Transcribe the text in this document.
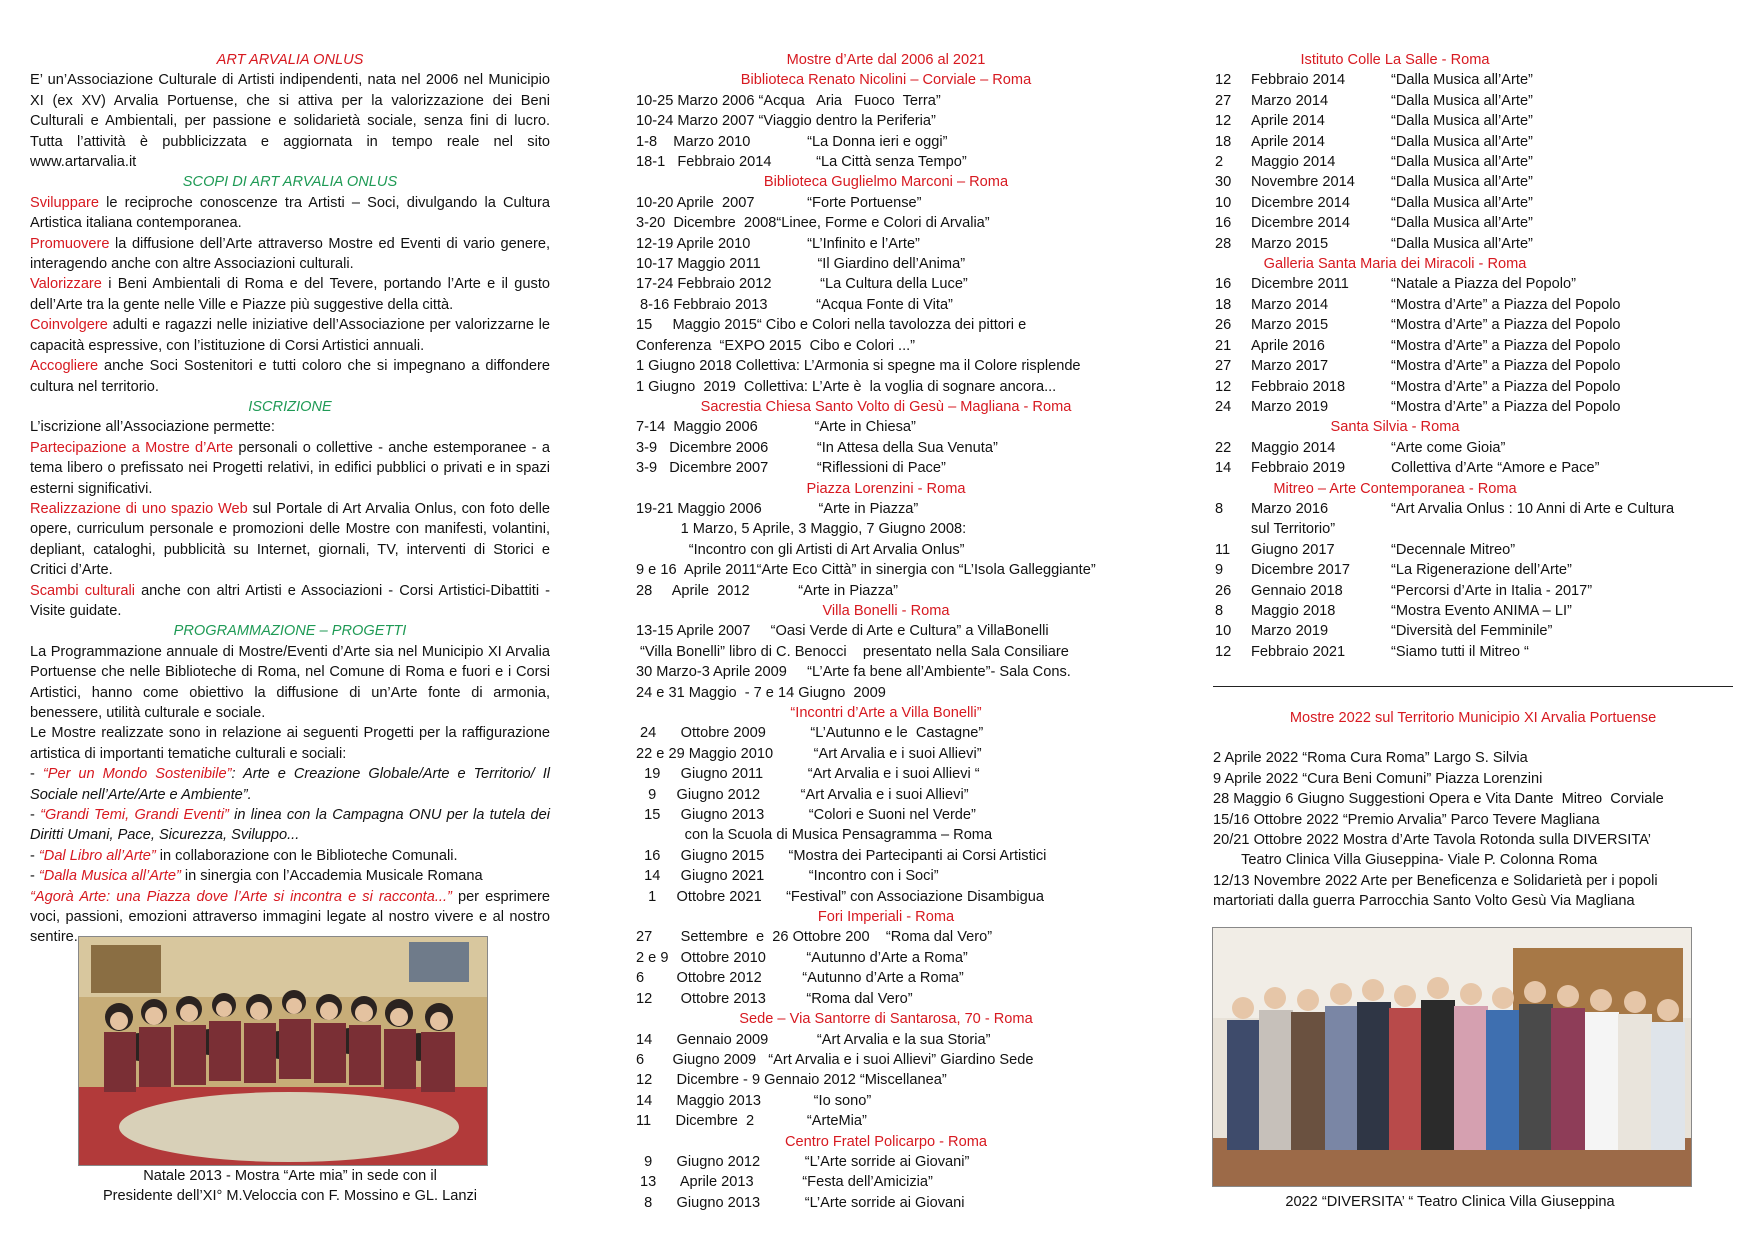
ART ARVALIA ONLUS

E’ un’Associazione Culturale di Artisti indipendenti, nata nel 2006 nel Municipio XI (ex XV) Arvalia Portuense, che si attiva per la valorizzazione dei Beni Culturali e Ambientali, per passione e solidarietà sociale, senza fini di lucro. Tutta l’attività è pubblicizzata e aggiornata in tempo reale nel sito www.artarvalia.it

SCOPI DI ART ARVALIA ONLUS

Sviluppare le reciproche conoscenze tra Artisti – Soci, divulgando la Cultura Artistica italiana contemporanea.

Promuovere la diffusione dell’Arte attraverso Mostre ed Eventi di vario genere, interagendo anche con altre Associazioni culturali.

Valorizzare i Beni Ambientali di Roma e del Tevere, portando l’Arte e il gusto dell’Arte tra la gente nelle Ville e Piazze più suggestive della città.

Coinvolgere adulti e ragazzi nelle iniziative dell’Associazione per valorizzarne le capacità espressive, con l’istituzione di Corsi Artistici annuali.

Accogliere anche Soci Sostenitori e tutti coloro che si impegnano a diffondere cultura nel territorio.

ISCRIZIONE

L’iscrizione all’Associazione permette:

Partecipazione a Mostre d’Arte personali o collettive - anche estemporanee - a tema libero o prefissato nei Progetti relativi, in edifici pubblici o privati e in spazi esterni significativi.

Realizzazione di uno spazio Web sul Portale di Art Arvalia Onlus, con foto delle opere, curriculum personale e promozioni delle Mostre con manifesti, volantini, depliant, cataloghi, pubblicità su Internet, giornali, TV, interventi di Storici e Critici d’Arte.

Scambi culturali anche con altri Artisti e Associazioni - Corsi Artistici-Dibattiti - Visite guidate.

PROGRAMMAZIONE – PROGETTI

La Programmazione annuale di Mostre/Eventi d’Arte sia nel Municipio XI Arvalia Portuense che nelle Biblioteche di Roma, nel Comune di Roma e fuori e i Corsi Artistici, hanno come obiettivo la diffusione di un’Arte fonte di armonia, benessere, utilità culturale e sociale.

Le Mostre realizzate sono in relazione ai seguenti Progetti per la raffigurazione artistica di importanti tematiche culturali e sociali:

- “Per un Mondo Sostenibile”: Arte e Creazione Globale/Arte e Territorio/ Il Sociale nell’Arte/Arte e Ambiente”.

- “Grandi Temi, Grandi Eventi” in linea con la Campagna ONU per la tutela dei Diritti Umani, Pace, Sicurezza, Sviluppo...

- “Dal Libro all’Arte” in collaborazione con le Biblioteche Comunali.

- “Dalla Musica all’Arte” in sinergia con l’Accademia Musicale Romana

“Agorà Arte: una Piazza dove l’Arte si incontra e si racconta...” per esprimere voci, passioni, emozioni attraverso immagini legate al nostro vivere e al nostro sentire.

FRANCO CANNONI
Natale 2013 - Mostra “Arte mia” in sede con il
Presidente dell’XI° M.Veloccia con F. Mossino e GL. Lanzi

Mostre d’Arte dal 2006 al 2021

Biblioteca Renato Nicolini – Corviale – Roma

10-25 Marzo 2006 “Acqua   Aria   Fuoco  Terra”
10-24 Marzo 2007 “Viaggio dentro la Periferia”
1-8 Marzo 2010              “La Donna ieri e oggi”
18-1 Febbraio 2014           “La Città senza Tempo”

Biblioteca Guglielmo Marconi – Roma

10-20 Aprile  2007             “Forte Portuense”
3-20 Dicembre  2008“Linee, Forme e Colori di Arvalia”
12-19 Aprile 2010              “L’Infinito e l’Arte”
10-17 Maggio 2011              “Il Giardino dell’Anima”
17-24 Febbraio 2012            “La Cultura della Luce”
8-16 Febbraio 2013            “Acqua Fonte di Vita”
15 Maggio 2015“ Cibo e Colori nella tavolozza dei pittori e
Conferenza  “EXPO 2015  Cibo e Colori ...”
1 Giugno 2018 Collettiva: L’Armonia si spegne ma il Colore risplende
1 Giugno  2019  Collettiva: L’Arte è  la voglia di sognare ancora...

Sacrestia Chiesa Santo Volto di Gesù – Magliana - Roma

7-14 Maggio 2006              “Arte in Chiesa”
3-9 Dicembre 2006            “In Attesa della Sua Venuta”
3-9 Dicembre 2007            “Riflessioni di Pace”

Piazza Lorenzini - Roma

19-21 Maggio 2006              “Arte in Piazza”
1 Marzo, 5 Aprile, 3 Maggio, 7 Giugno 2008:
“Incontro con gli Artisti di Art Arvalia Onlus”
9 e 16 Aprile 2011“Arte Eco Città” in sinergia con “L’Isola Galleggiante”
28 Aprile  2012            “Arte in Piazza”

Villa Bonelli - Roma

13-15 Aprile 2007     “Oasi Verde di Arte e Cultura” a VillaBonelli
“Villa Bonelli” libro di C. Benocci    presentato nella Sala Consiliare
30 Marzo-3 Aprile 2009     “L’Arte fa bene all’Ambiente”- Sala Cons.
24 e 31 Maggio  - 7 e 14 Giugno  2009

“Incontri d’Arte a Villa Bonelli”

24 Ottobre 2009           “L’Autunno e le  Castagne”
22 e 29 Maggio 2010          “Art Arvalia e i suoi Allievi”
19 Giugno 2011           “Art Arvalia e i suoi Allievi “
9 Giugno 2012          “Art Arvalia e i suoi Allievi”
15 Giugno 2013           “Colori e Suoni nel Verde”
con la Scuola di Musica Pensagramma – Roma
16 Giugno 2015      “Mostra dei Partecipanti ai Corsi Artistici
14 Giugno 2021           “Incontro con i Soci”
1 Ottobre 2021      “Festival” con Associazione Disambigua

Fori Imperiali - Roma

27 Settembre  e  26 Ottobre 200    “Roma dal Vero”
2 e 9 Ottobre 2010          “Autunno d’Arte a Roma”
6 Ottobre 2012          “Autunno d’Arte a Roma”
12 Ottobre 2013          “Roma dal Vero”

Sede – Via Santorre di Santarosa, 70 - Roma

14 Gennaio 2009            “Art Arvalia e la sua Storia”
6 Giugno 2009   “Art Arvalia e i suoi Allievi” Giardino Sede
12 Dicembre - 9 Gennaio 2012 “Miscellanea”
14 Maggio 2013             “Io sono”
11 Dicembre  2             “ArteMia”

Centro Fratel Policarpo - Roma

9 Giugno 2012           “L’Arte sorride ai Giovani”
13 Aprile 2013            “Festa dell’Amicizia”
8 Giugno 2013           “L’Arte sorride ai Giovani

Istituto Colle La Salle - Roma

12	Febbraio 2014	“Dalla Musica all’Arte”
27	Marzo 2014	“Dalla Musica all’Arte”
12	Aprile 2014	“Dalla Musica all’Arte”
18	Aprile 2014	“Dalla Musica all’Arte”
2	Maggio 2014	“Dalla Musica all’Arte”
30	Novembre 2014	“Dalla Musica all’Arte”
10	Dicembre 2014	“Dalla Musica all’Arte”
16	Dicembre 2014	“Dalla Musica all’Arte”
28	Marzo 2015	“Dalla Musica all’Arte”

Galleria Santa Maria dei Miracoli - Roma

16	Dicembre 2011	“Natale a Piazza del Popolo”
18	Marzo 2014	“Mostra d’Arte” a Piazza del Popolo
26	Marzo 2015	“Mostra d’Arte” a Piazza del Popolo
21	Aprile 2016	“Mostra d’Arte” a Piazza del Popolo
27	Marzo 2017	“Mostra d’Arte” a Piazza del Popolo
12	Febbraio 2018	“Mostra d’Arte” a Piazza del Popolo
24	Marzo 2019	“Mostra d’Arte” a Piazza del Popolo

Santa Silvia - Roma

22	Maggio 2014	“Arte come Gioia”
14	Febbraio 2019	Collettiva d’Arte “Amore e Pace”

Mitreo – Arte Contemporanea - Roma

8	Marzo 2016	“Art Arvalia Onlus : 10 Anni di Arte e Cultura
sul Territorio”
11	Giugno 2017	“Decennale Mitreo”
9	Dicembre 2017	“La Rigenerazione dell’Arte”
26	Gennaio 2018	“Percorsi d’Arte in Italia - 2017”
8	Maggio 2018	“Mostra Evento ANIMA – LI”
10	Marzo 2019	“Diversità del Femminile”
12	Febbraio 2021	“Siamo tutti il Mitreo “

Mostre 2022 sul Territorio Municipio XI Arvalia Portuense

2 Aprile 2022 “Roma Cura Roma” Largo S. Silvia

9 Aprile 2022 “Cura Beni Comuni” Piazza Lorenzini

28 Maggio 6 Giugno Suggestioni Opera e Vita Dante  Mitreo  Corviale

15/16 Ottobre 2022 “Premio Arvalia” Parco Tevere Magliana

20/21 Ottobre 2022 Mostra d’Arte Tavola Rotonda sulla DIVERSITA’

Teatro Clinica Villa Giuseppina- Viale P. Colonna Roma

12/13 Novembre 2022 Arte per Beneficenza e Solidarietà per i popoli

martoriati dalla guerra Parrocchia Santo Volto Gesù Via Magliana

2022 “DIVERSITA’ “ Teatro Clinica Villa Giuseppina
